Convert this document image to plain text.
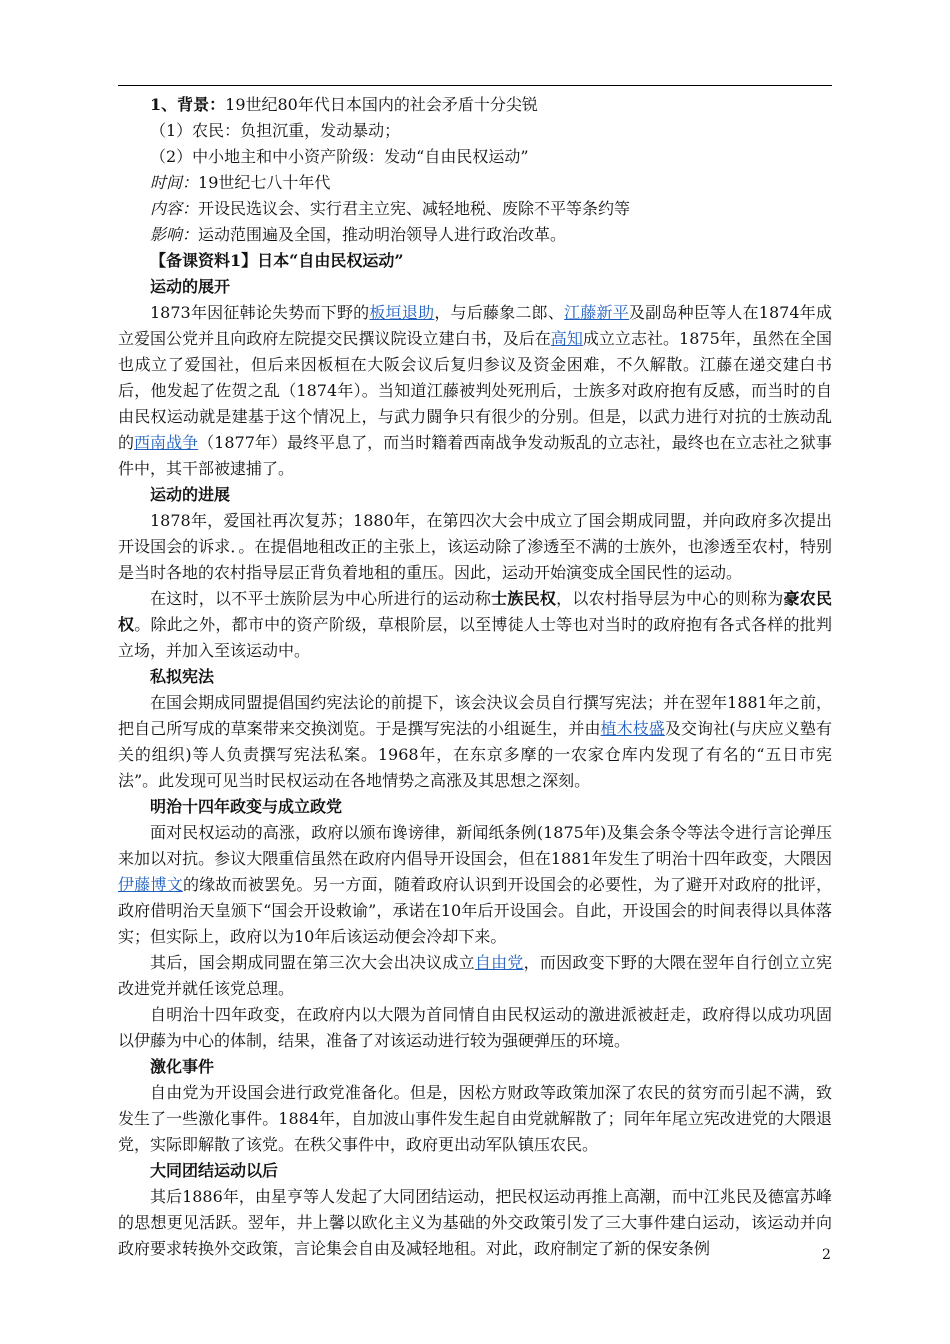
1、背景：19世纪80年代日本国内的社会矛盾十分尖锐
（1）农民：负担沉重，发动暴动；
（2）中小地主和中小资产阶级：发动“自由民权运动”
时间：19世纪七八十年代
内容：开设民选议会、实行君主立宪、减轻地税、废除不平等条约等
影响：运动范围遍及全国，推动明治领导人进行政治改革。
【备课资料1】日本“自由民权运动”
运动的展开

1873年因征韩论失势而下野的板垣退助，与后藤象二郎、江藤新平及副岛种臣等人在1874年成立爱国公党并且向政府左院提交民撰议院设立建白书，及后在高知成立立志社。1875年，虽然在全国也成立了爱国社，但后来因板桓在大阪会议后复归参议及资金困难，不久解散。江藤在递交建白书后，他发起了佐贺之乱（1874年）。当知道江藤被判处死刑后，士族多对政府抱有反感，而当时的自由民权运动就是建基于这个情况上，与武力闘争只有很少的分别。但是，以武力进行对抗的士族动乱的西南战争（1877年）最终平息了，而当时籍着西南战争发动叛乱的立志社，最终也在立志社之狱事件中，其干部被逮捕了。

运动的进展

1878年，爱国社再次复苏；1880年，在第四次大会中成立了国会期成同盟，并向政府多次提出开设国会的诉求．。在提倡地租改正的主张上，该运动除了渗透至不满的士族外，也渗透至农村，特别是当时各地的农村指导层正背负着地租的重压。因此，运动开始演变成全国民性的运动。

在这时，以不平士族阶层为中心所进行的运动称士族民权，以农村指导层为中心的则称为豪农民权。除此之外，都市中的资产阶级，草根阶层，以至博徒人士等也对当时的政府抱有各式各样的批判立场，并加入至该运动中。

私拟宪法

在国会期成同盟提倡国约宪法论的前提下，该会決议会员自行撰写宪法；并在翌年1881年之前，把自己所写成的草案带来交换浏览。于是撰写宪法的小组诞生，并由植木枝盛及交询社(与庆应义塾有关的组织)等人负责撰写宪法私案。1968年，在东京多摩的一农家仓库内发现了有名的“五日市宪法”。此发现可见当时民权运动在各地情势之高涨及其思想之深刻。

明治十四年政变与成立政党

面对民权运动的高涨，政府以颁布谗谤律，新闻纸条例(1875年)及集会条令等法令进行言论弹压来加以对抗。参议大隈重信虽然在政府内倡导开设国会，但在1881年发生了明治十四年政变，大隈因伊藤博文的缘故而被罢免。另一方面，随着政府认识到开设国会的必要性，为了避开对政府的批评，政府借明治天皇颁下“国会开设敕谕”，承诺在10年后开设国会。自此，开设国会的时间表得以具体落实；但实际上，政府以为10年后该运动便会冷却下来。

其后，国会期成同盟在第三次大会出决议成立自由党，而因政变下野的大隈在翌年自行创立立宪改进党并就任该党总理。

自明治十四年政变，在政府内以大隈为首同情自由民权运动的激进派被赶走，政府得以成功巩固以伊藤为中心的体制，结果，准备了对该运动进行较为强硬弹压的环境。

激化事件

自由党为开设国会进行政党准备化。但是，因松方财政等政策加深了农民的贫穷而引起不满，致发生了一些激化事件。1884年，自加波山事件发生起自由党就解散了；同年年尾立宪改进党的大隈退党，实际即解散了该党。在秩父事件中，政府更出动军队镇压农民。

大同团结运动以后

其后1886年，由星亨等人发起了大同团结运动，把民权运动再推上高潮，而中江兆民及德富苏峰的思想更见活跃。翌年，井上馨以欧化主义为基础的外交政策引发了三大事件建白运动，该运动并向政府要求转换外交政策，言论集会自由及减轻地租。对此，政府制定了新的保安条例	2
